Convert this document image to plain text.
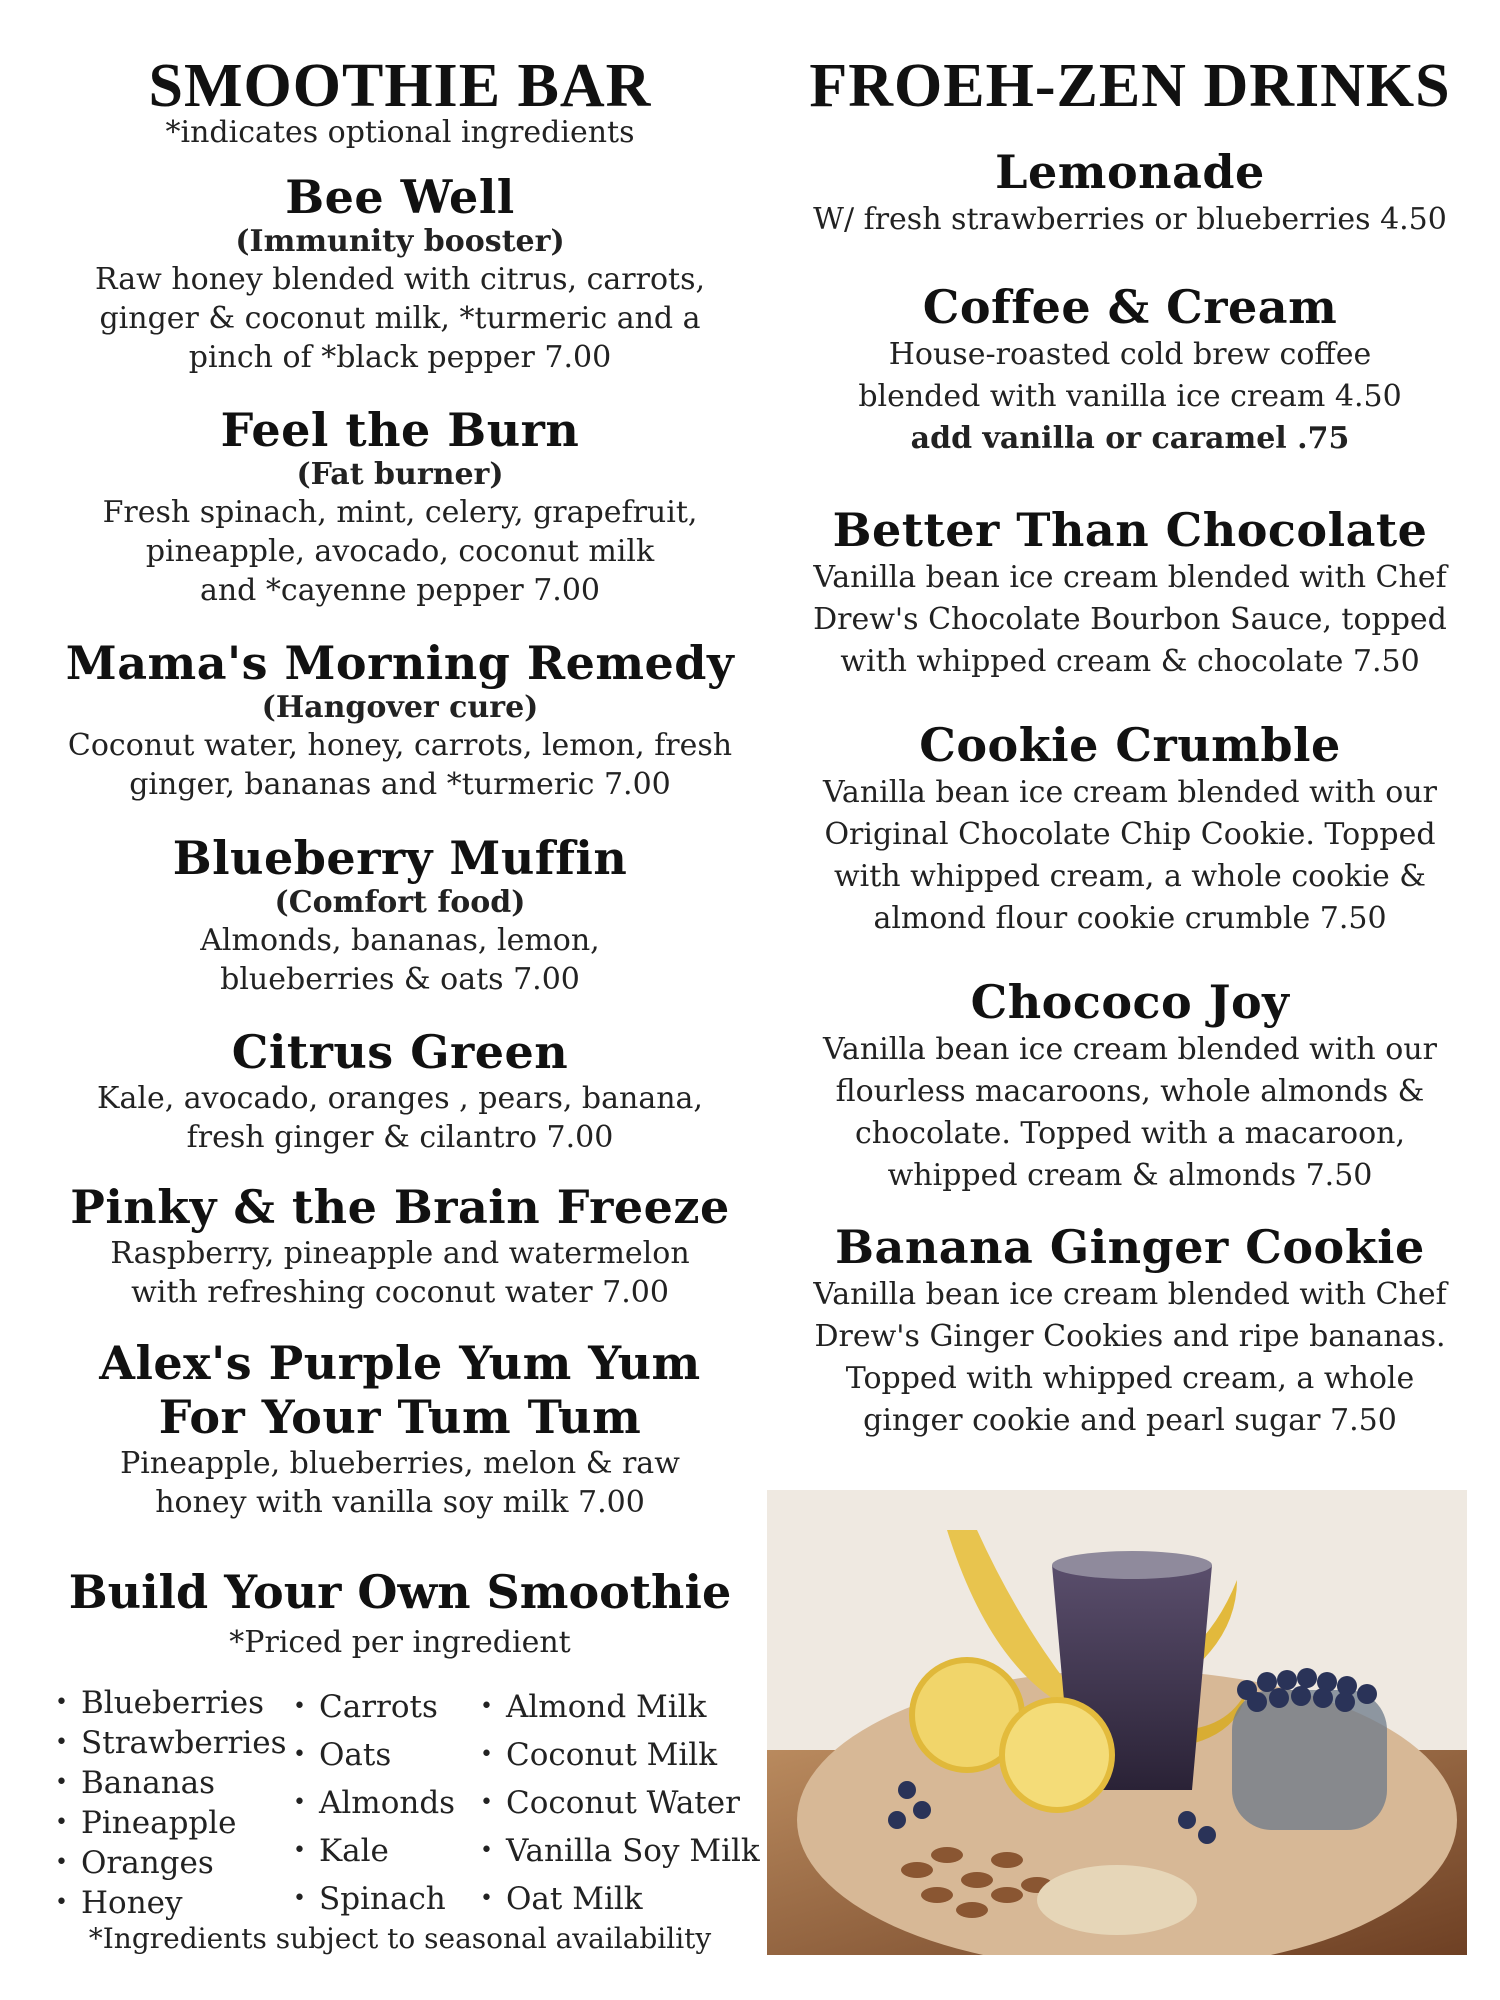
SMOOTHIE BAR
*indicates optional ingredients
Bee Well
(Immunity booster)
Raw honey blended with citrus, carrots,
ginger & coconut milk, *turmeric and a
pinch of *black pepper 7.00
Feel the Burn
(Fat burner)
Fresh spinach, mint, celery, grapefruit,
pineapple, avocado, coconut milk
and *cayenne pepper 7.00
Mama's Morning Remedy
(Hangover cure)
Coconut water, honey, carrots, lemon, fresh
ginger, bananas and *turmeric 7.00
Blueberry Muffin
(Comfort food)
Almonds, bananas, lemon,
blueberries & oats 7.00
Citrus Green
Kale, avocado, oranges , pears, banana,
fresh ginger & cilantro 7.00
Pinky & the Brain Freeze
Raspberry, pineapple and watermelon
with refreshing coconut water 7.00
Alex's Purple Yum Yum
For Your Tum Tum
Pineapple, blueberries, melon & raw
honey with vanilla soy milk 7.00
Build Your Own Smoothie
*Priced per ingredient
• Blueberries
• Strawberries
• Bananas
• Pineapple
• Oranges
• Honey
• Carrots
• Oats
• Almonds
• Kale
• Spinach
• Almond Milk
• Coconut Milk
• Coconut Water
• Vanilla Soy Milk
• Oat Milk
*Ingredients subject to seasonal availability
FROEH-ZEN DRINKS
Lemonade
W/ fresh strawberries or blueberries 4.50
Coffee & Cream
House-roasted cold brew coffee
blended with vanilla ice cream 4.50
add vanilla or caramel .75
Better Than Chocolate
Vanilla bean ice cream blended with Chef
Drew's Chocolate Bourbon Sauce, topped
with whipped cream & chocolate 7.50
Cookie Crumble
Vanilla bean ice cream blended with our
Original Chocolate Chip Cookie. Topped
with whipped cream, a whole cookie &
almond flour cookie crumble 7.50
Chococo Joy
Vanilla bean ice cream blended with our
flourless macaroons, whole almonds &
chocolate. Topped with a macaroon,
whipped cream & almonds 7.50
Banana Ginger Cookie
Vanilla bean ice cream blended with Chef
Drew's Ginger Cookies and ripe bananas.
Topped with whipped cream, a whole
ginger cookie and pearl sugar 7.50
